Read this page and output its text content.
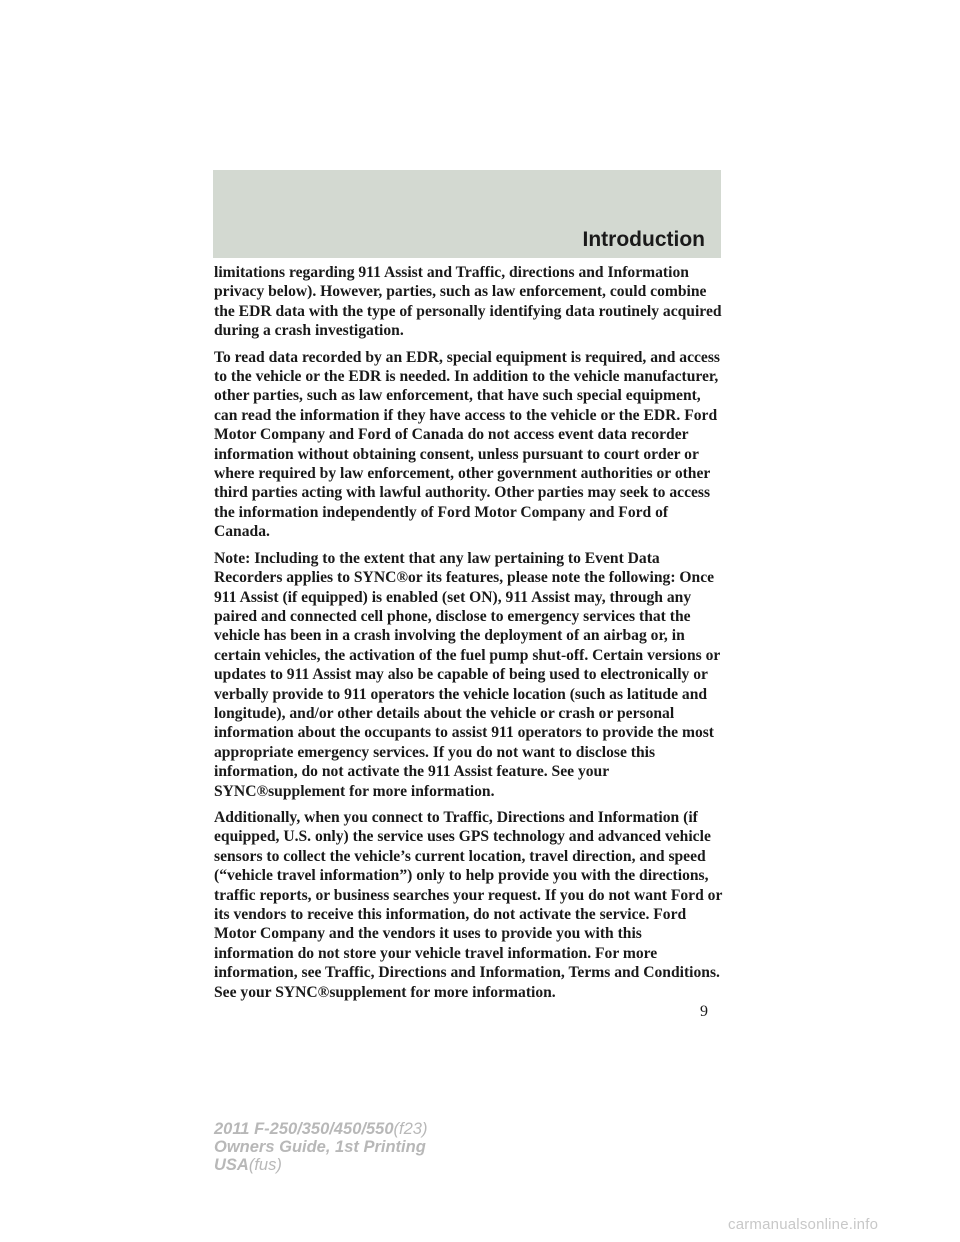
Introduction

limitations regarding 911 Assist and Traffic, directions and Information privacy below). However, parties, such as law enforcement, could combine the EDR data with the type of personally identifying data routinely acquired during a crash investigation.

To read data recorded by an EDR, special equipment is required, and access to the vehicle or the EDR is needed. In addition to the vehicle manufacturer, other parties, such as law enforcement, that have such special equipment, can read the information if they have access to the vehicle or the EDR. Ford Motor Company and Ford of Canada do not access event data recorder information without obtaining consent, unless pursuant to court order or where required by law enforcement, other government authorities or other third parties acting with lawful authority. Other parties may seek to access the information independently of Ford Motor Company and Ford of Canada.

Note: Including to the extent that any law pertaining to Event Data Recorders applies to SYNC®or its features, please note the following: Once 911 Assist (if equipped) is enabled (set ON), 911 Assist may, through any paired and connected cell phone, disclose to emergency services that the vehicle has been in a crash involving the deployment of an airbag or, in certain vehicles, the activation of the fuel pump shut-off. Certain versions or updates to 911 Assist may also be capable of being used to electronically or verbally provide to 911 operators the vehicle location (such as latitude and longitude), and/or other details about the vehicle or crash or personal information about the occupants to assist 911 operators to provide the most appropriate emergency services. If you do not want to disclose this information, do not activate the 911 Assist feature. See your SYNC®supplement for more information.

Additionally, when you connect to Traffic, Directions and Information (if equipped, U.S. only) the service uses GPS technology and advanced vehicle sensors to collect the vehicle’s current location, travel direction, and speed (“vehicle travel information”) only to help provide you with the directions, traffic reports, or business searches your request. If you do not want Ford or its vendors to receive this information, do not activate the service. Ford Motor Company and the vendors it uses to provide you with this information do not store your vehicle travel information. For more information, see Traffic, Directions and Information, Terms and Conditions. See your SYNC®supplement for more information.

9
2011 F-250/350/450/550(f23)
Owners Guide, 1st Printing
USA(fus)
carmanualsonline.info
